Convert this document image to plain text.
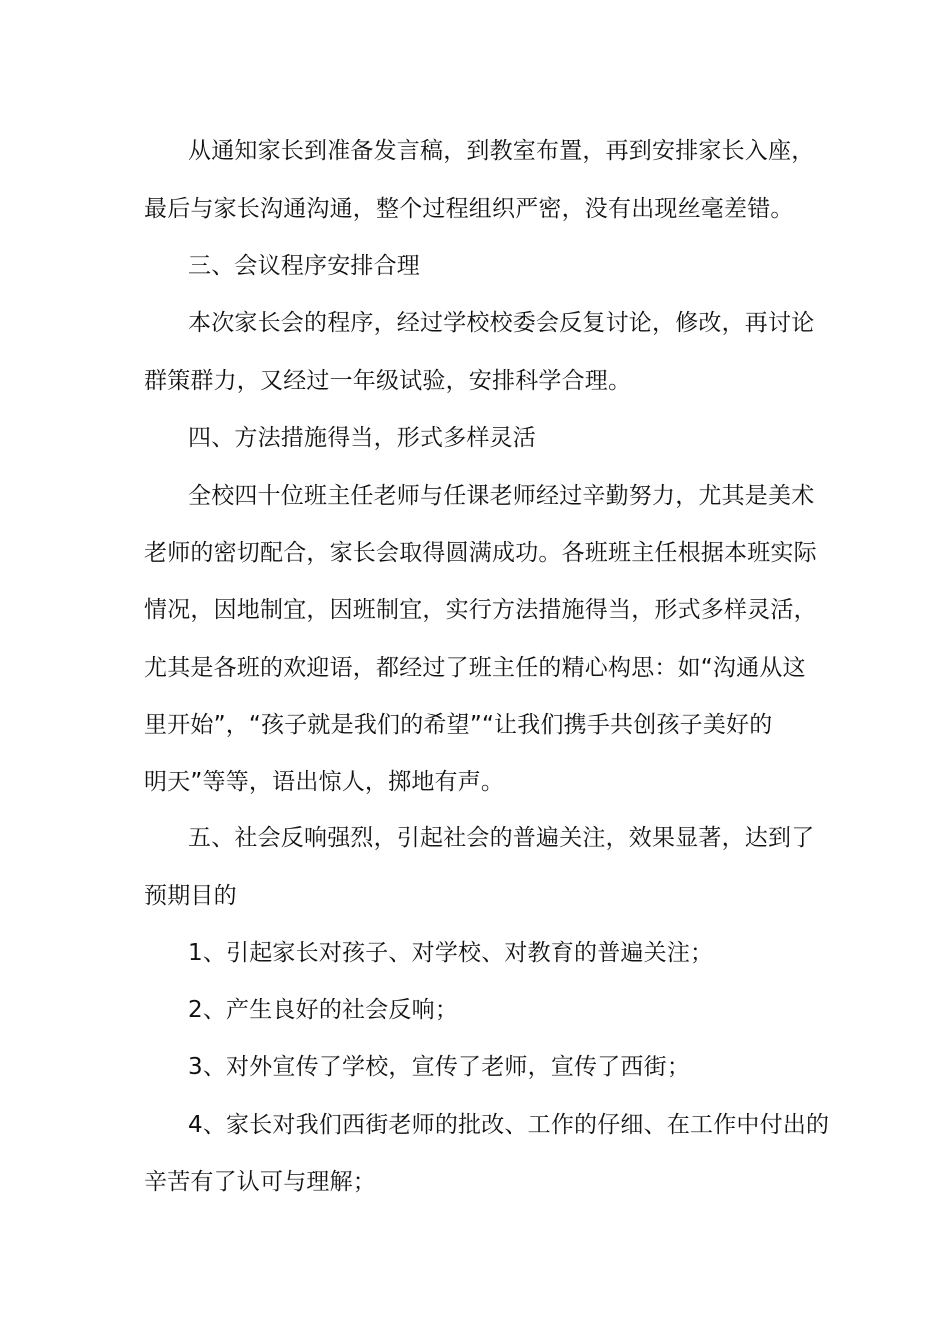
从通知家长到准备发言稿，到教室布置，再到安排家长入座，
最后与家长沟通沟通，整个过程组织严密，没有出现丝毫差错。
三、会议程序安排合理
本次家长会的程序，经过学校校委会反复讨论，修改，再讨论
群策群力，又经过一年级试验，安排科学合理。
四、方法措施得当，形式多样灵活
全校四十位班主任老师与任课老师经过辛勤努力，尤其是美术
老师的密切配合，家长会取得圆满成功。各班班主任根据本班实际
情况，因地制宜，因班制宜，实行方法措施得当，形式多样灵活，
尤其是各班的欢迎语，都经过了班主任的精心构思：如“沟通从这
里开始”，“孩子就是我们的希望”“让我们携手共创孩子美好的
明天”等等，语出惊人，掷地有声。
五、社会反响强烈，引起社会的普遍关注，效果显著，达到了
预期目的
1、引起家长对孩子、对学校、对教育的普遍关注；
2、产生良好的社会反响；
3、对外宣传了学校，宣传了老师，宣传了西街；
4、家长对我们西街老师的批改、工作的仔细、在工作中付出的
辛苦有了认可与理解；
